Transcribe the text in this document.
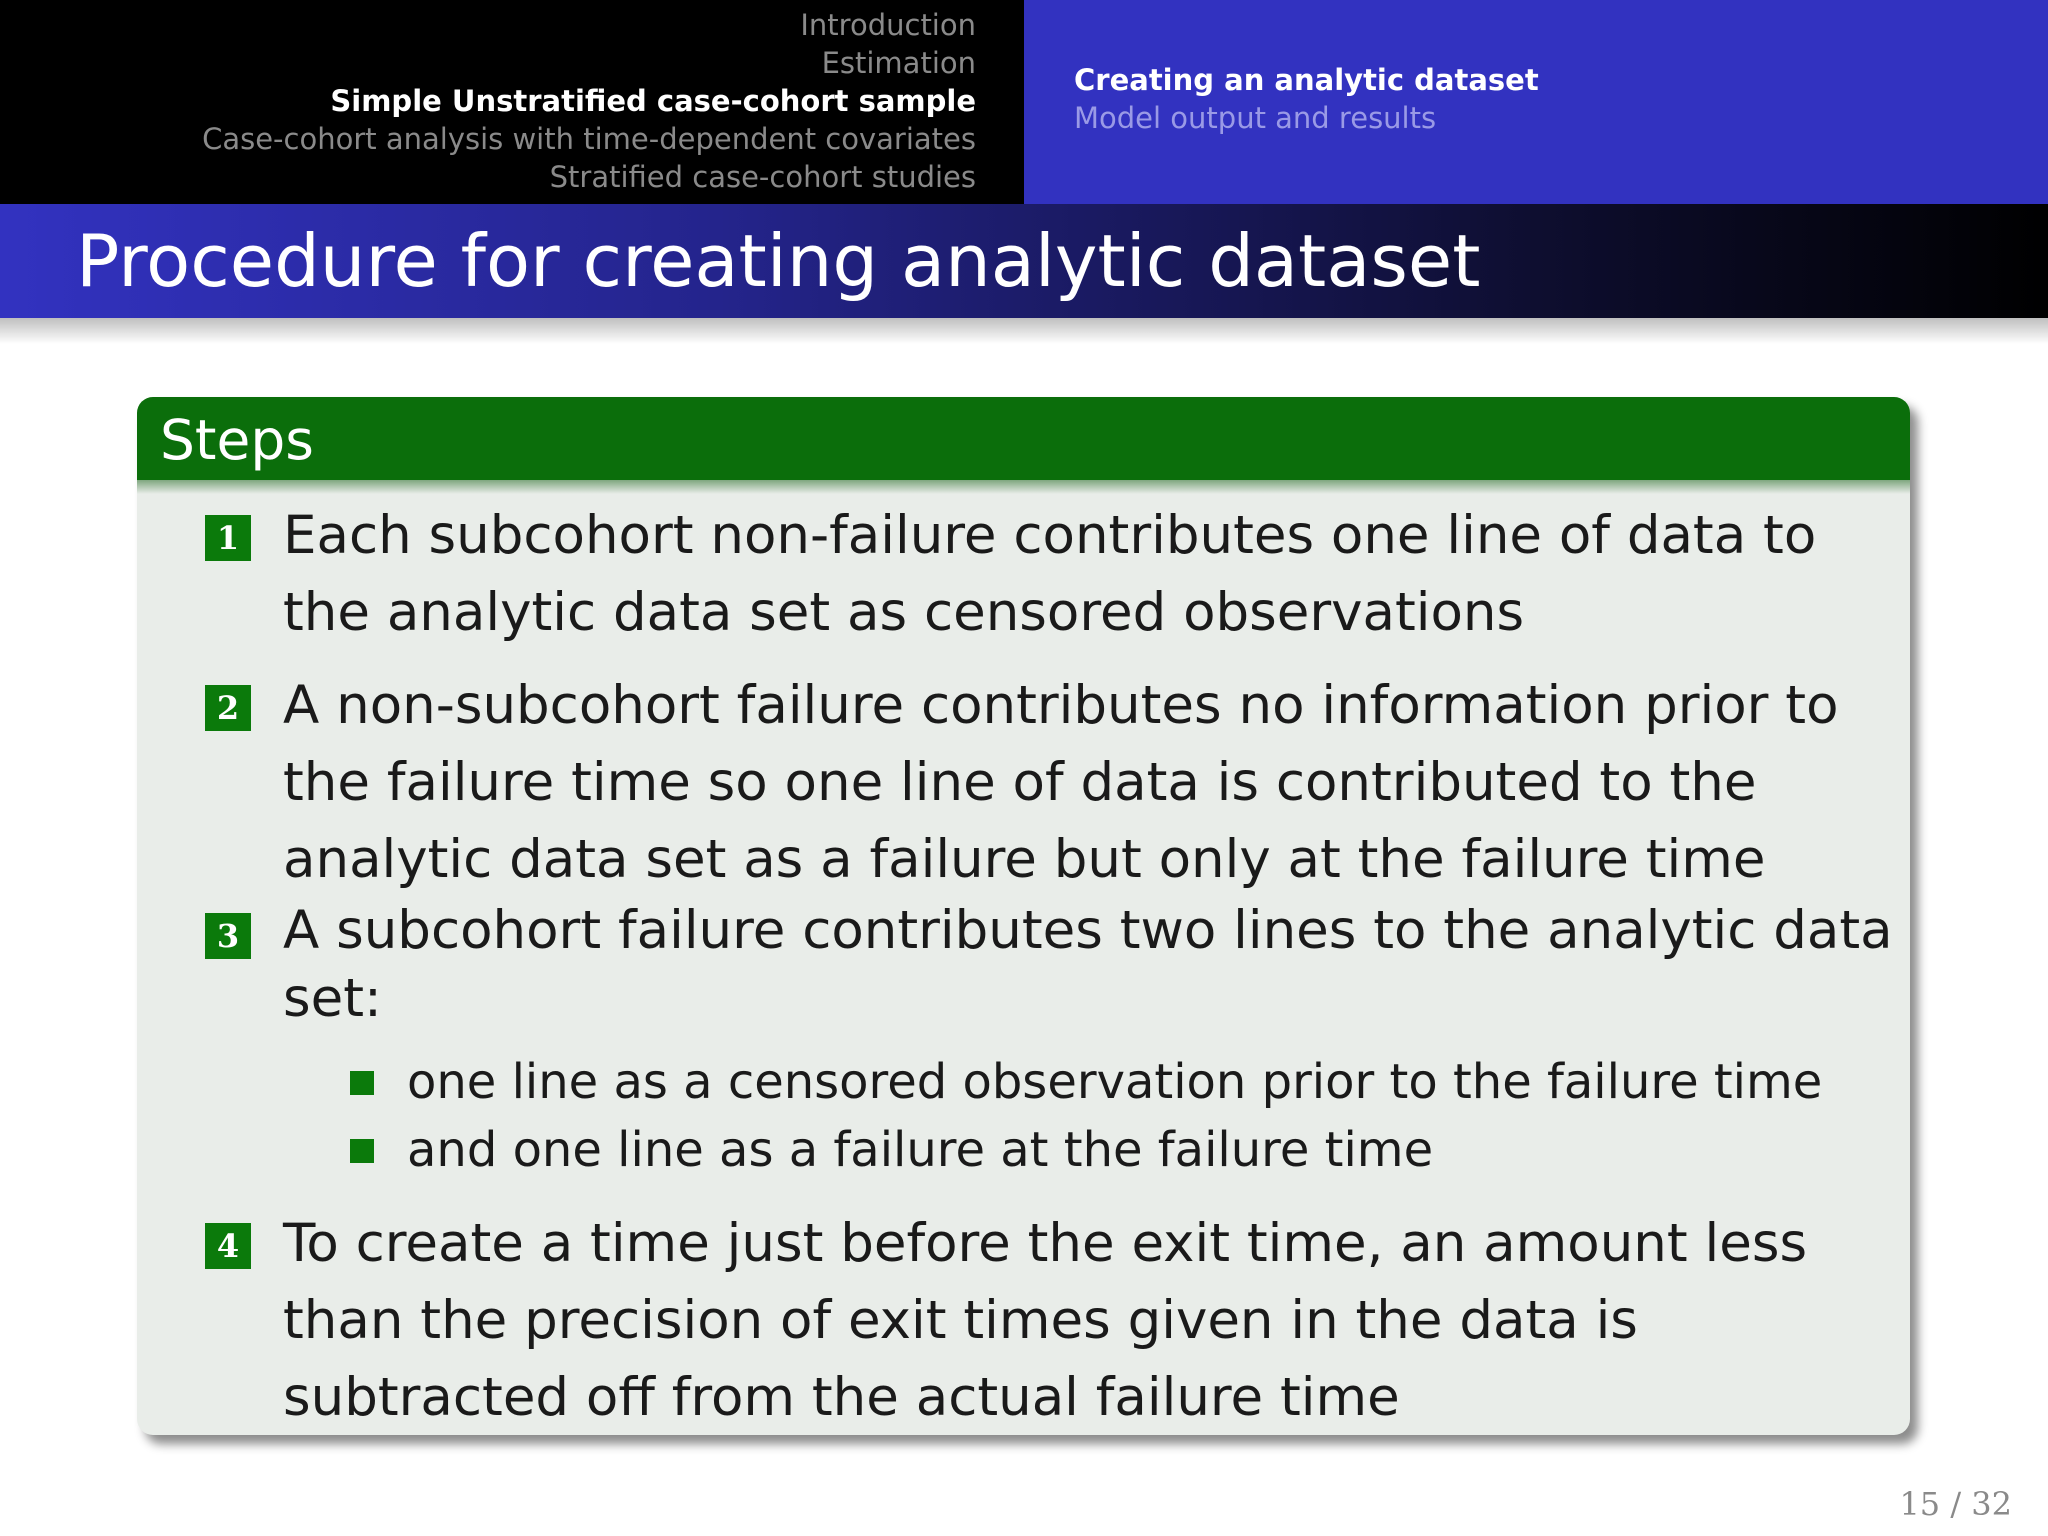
Introduction
Estimation
Simple Unstratified case-cohort sample
Case-cohort analysis with time-dependent covariates
Stratified case-cohort studies
Creating an analytic dataset
Model output and results
Procedure for creating analytic dataset
Steps
1 Each subcohort non-failure contributes one line of data to the analytic data set as censored observations
2 A non-subcohort failure contributes no information prior to the failure time so one line of data is contributed to the analytic data set as a failure but only at the failure time
3 A subcohort failure contributes two lines to the analytic data set:
one line as a censored observation prior to the failure time
and one line as a failure at the failure time
4 To create a time just before the exit time, an amount less than the precision of exit times given in the data is subtracted off from the actual failure time
15 / 32
